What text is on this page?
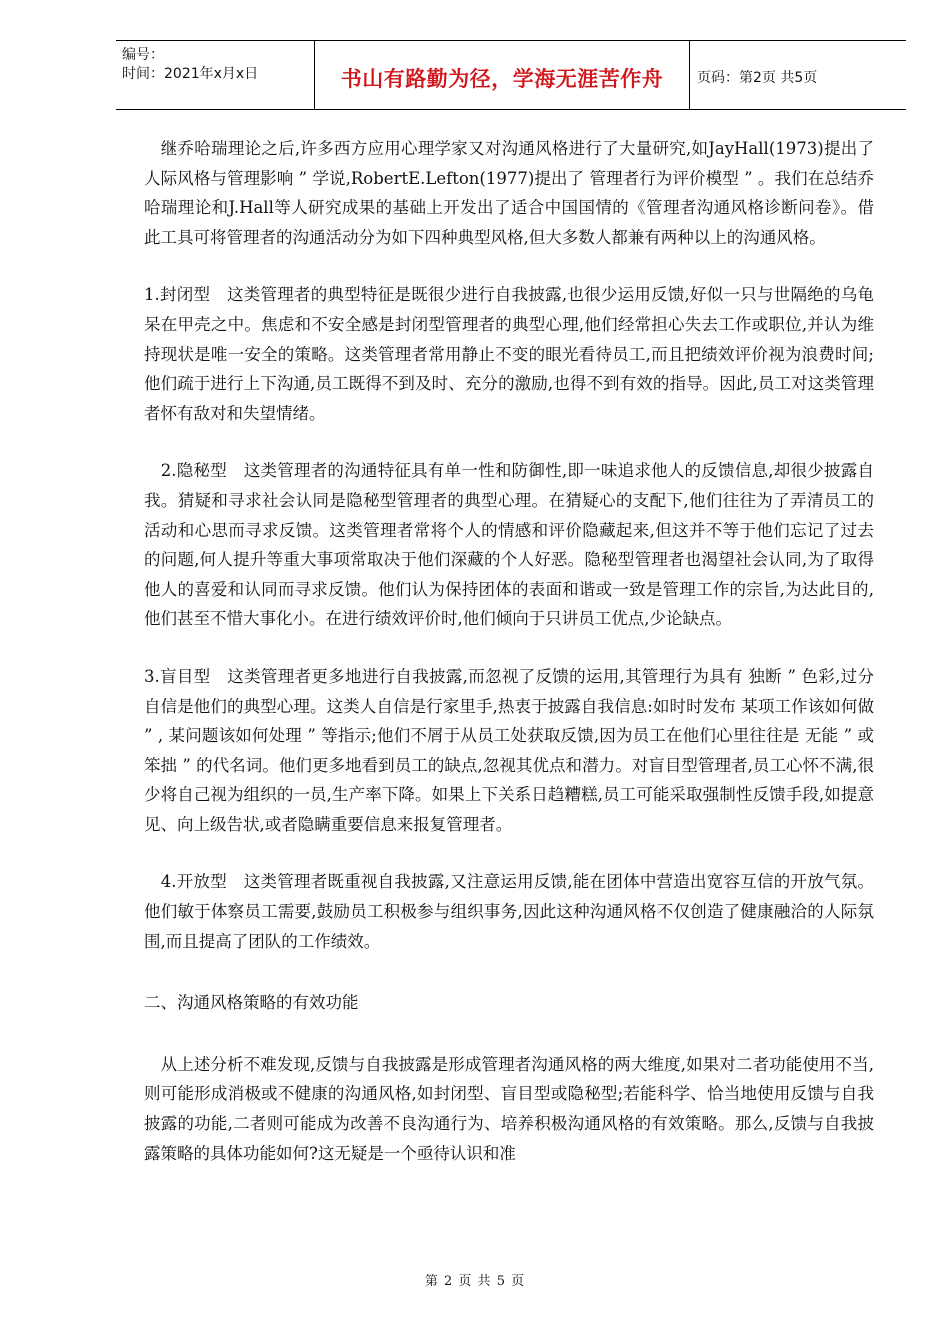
编号：
时间：2021年x月x日	书山有路勤为径，学海无涯苦作舟	页码：第2页 共5页

　继乔哈瑞理论之后,许多西方应用心理学家又对沟通风格进行了大量研究,如JayHall(1973)提出了 人际风格与管理影响 ” 学说,RobertE.Lefton(1977)提出了 管理者行为评价模型 ” 。我们在总结乔哈瑞理论和J.Hall等人研究成果的基础上开发出了适合中国国情的《管理者沟通风格诊断问卷》。借此工具可将管理者的沟通活动分为如下四种典型风格,但大多数人都兼有两种以上的沟通风格。

1.封闭型　这类管理者的典型特征是既很少进行自我披露,也很少运用反馈,好似一只与世隔绝的乌龟呆在甲壳之中。焦虑和不安全感是封闭型管理者的典型心理,他们经常担心失去工作或职位,并认为维持现状是唯一安全的策略。这类管理者常用静止不变的眼光看待员工,而且把绩效评价视为浪费时间;他们疏于进行上下沟通,员工既得不到及时、充分的激励,也得不到有效的指导。因此,员工对这类管理者怀有敌对和失望情绪。

　2.隐秘型　这类管理者的沟通特征具有单一性和防御性,即一味追求他人的反馈信息,却很少披露自我。猜疑和寻求社会认同是隐秘型管理者的典型心理。在猜疑心的支配下,他们往往为了弄清员工的活动和心思而寻求反馈。这类管理者常将个人的情感和评价隐藏起来,但这并不等于他们忘记了过去的问题,何人提升等重大事项常取决于他们深藏的个人好恶。隐秘型管理者也渴望社会认同,为了取得他人的喜爱和认同而寻求反馈。他们认为保持团体的表面和谐或一致是管理工作的宗旨,为达此目的,他们甚至不惜大事化小。在进行绩效评价时,他们倾向于只讲员工优点,少论缺点。

3.盲目型　这类管理者更多地进行自我披露,而忽视了反馈的运用,其管理行为具有 独断 ” 色彩,过分自信是他们的典型心理。这类人自信是行家里手,热衷于披露自我信息:如时时发布 某项工作该如何做 ” , 某问题该如何处理 ” 等指示;他们不屑于从员工处获取反馈,因为员工在他们心里往往是 无能 ” 或 笨拙 ” 的代名词。他们更多地看到员工的缺点,忽视其优点和潜力。对盲目型管理者,员工心怀不满,很少将自己视为组织的一员,生产率下降。如果上下关系日趋糟糕,员工可能采取强制性反馈手段,如提意见、向上级告状,或者隐瞒重要信息来报复管理者。

　4.开放型　这类管理者既重视自我披露,又注意运用反馈,能在团体中营造出宽容互信的开放气氛。他们敏于体察员工需要,鼓励员工积极参与组织事务,因此这种沟通风格不仅创造了健康融洽的人际氛围,而且提高了团队的工作绩效。

二、沟通风格策略的有效功能

　从上述分析不难发现,反馈与自我披露是形成管理者沟通风格的两大维度,如果对二者功能使用不当,则可能形成消极或不健康的沟通风格,如封闭型、盲目型或隐秘型;若能科学、恰当地使用反馈与自我披露的功能,二者则可能成为改善不良沟通行为、培养积极沟通风格的有效策略。那么,反馈与自我披露策略的具体功能如何?这无疑是一个亟待认识和准

第 2 页 共 5 页
